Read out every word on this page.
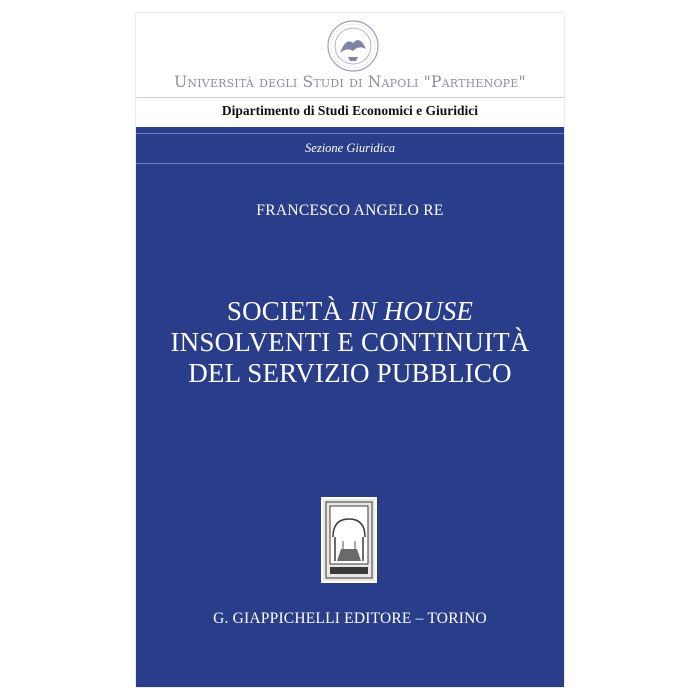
Università degli Studi di Napoli "Parthenope"
Dipartimento di Studi Economici e Giuridici
Sezione Giuridica
FRANCESCO ANGELO RE
SOCIETÀ IN HOUSE
INSOLVENTI E CONTINUITÀ
DEL SERVIZIO PUBBLICO
G. GIAPPICHELLI EDITORE – TORINO
